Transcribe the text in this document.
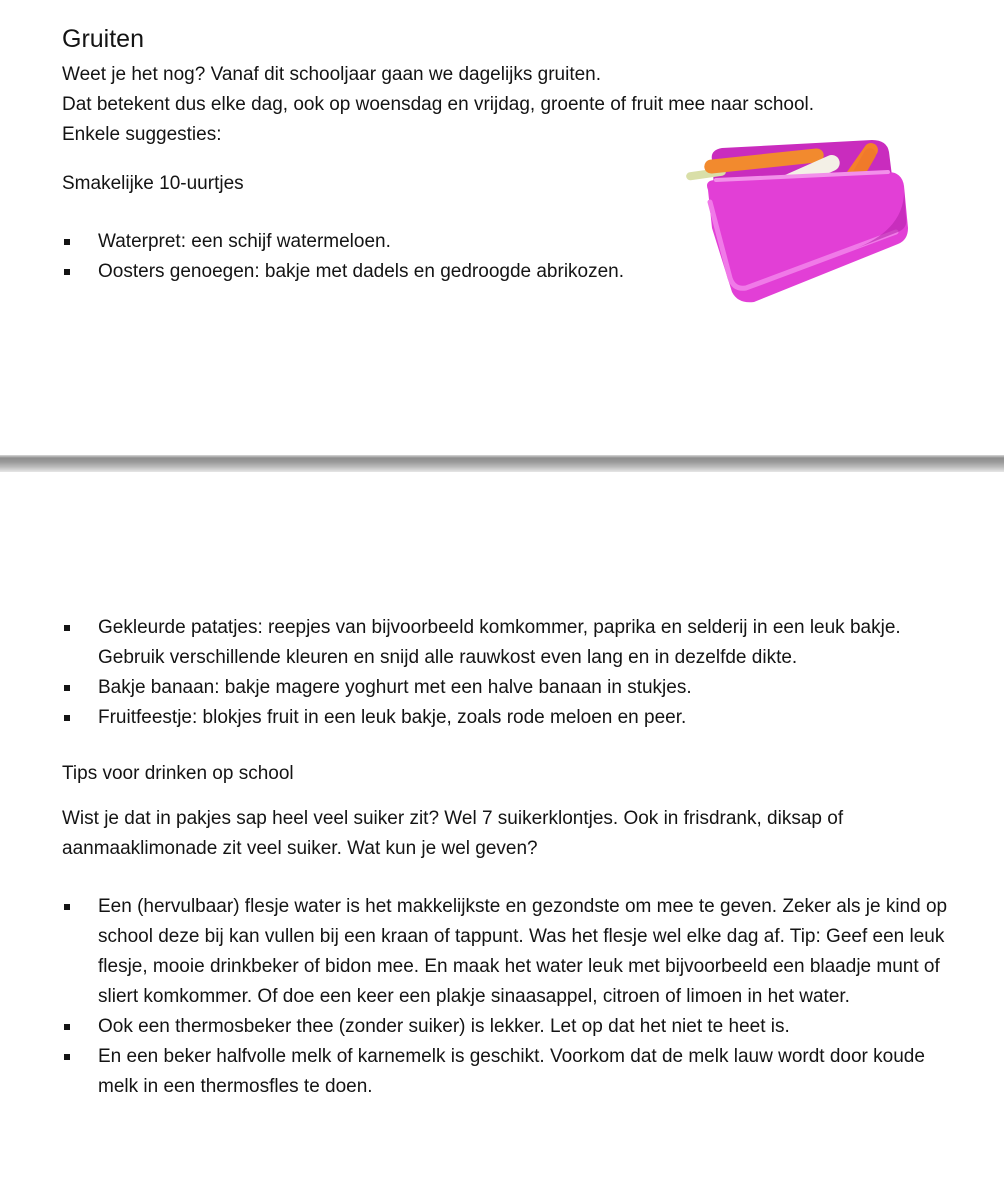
Gruiten
Weet je het nog? Vanaf dit schooljaar gaan we dagelijks gruiten.
Dat betekent dus elke dag, ook op woensdag en vrijdag, groente of fruit mee naar school.
Enkele suggesties:
Smakelijke 10-uurtjes
Waterpret: een schijf watermeloen.
Oosters genoegen: bakje met dadels en gedroogde abrikozen.
Gekleurde patatjes: reepjes van bijvoorbeeld komkommer, paprika en selderij in een leuk bakje. Gebruik verschillende kleuren en snijd alle rauwkost even lang en in dezelfde dikte.
Bakje banaan: bakje magere yoghurt met een halve banaan in stukjes.
Fruitfeestje: blokjes fruit in een leuk bakje, zoals rode meloen en peer.
Tips voor drinken op school
Wist je dat in pakjes sap heel veel suiker zit? Wel 7 suikerklontjes. Ook in frisdrank, diksap of aanmaaklimonade zit veel suiker. Wat kun je wel geven?
Een (hervulbaar) flesje water is het makkelijkste en gezondste om mee te geven. Zeker als je kind op school deze bij kan vullen bij een kraan of tappunt. Was het flesje wel elke dag af. Tip: Geef een leuk flesje, mooie drinkbeker of bidon mee. En maak het water leuk met bijvoorbeeld een blaadje munt of sliert komkommer. Of doe een keer een plakje sinaasappel, citroen of limoen in het water.
Ook een thermosbeker thee (zonder suiker) is lekker. Let op dat het niet te heet is.
En een beker halfvolle melk of karnemelk is geschikt. Voorkom dat de melk lauw wordt door koude melk in een thermosfles te doen.
